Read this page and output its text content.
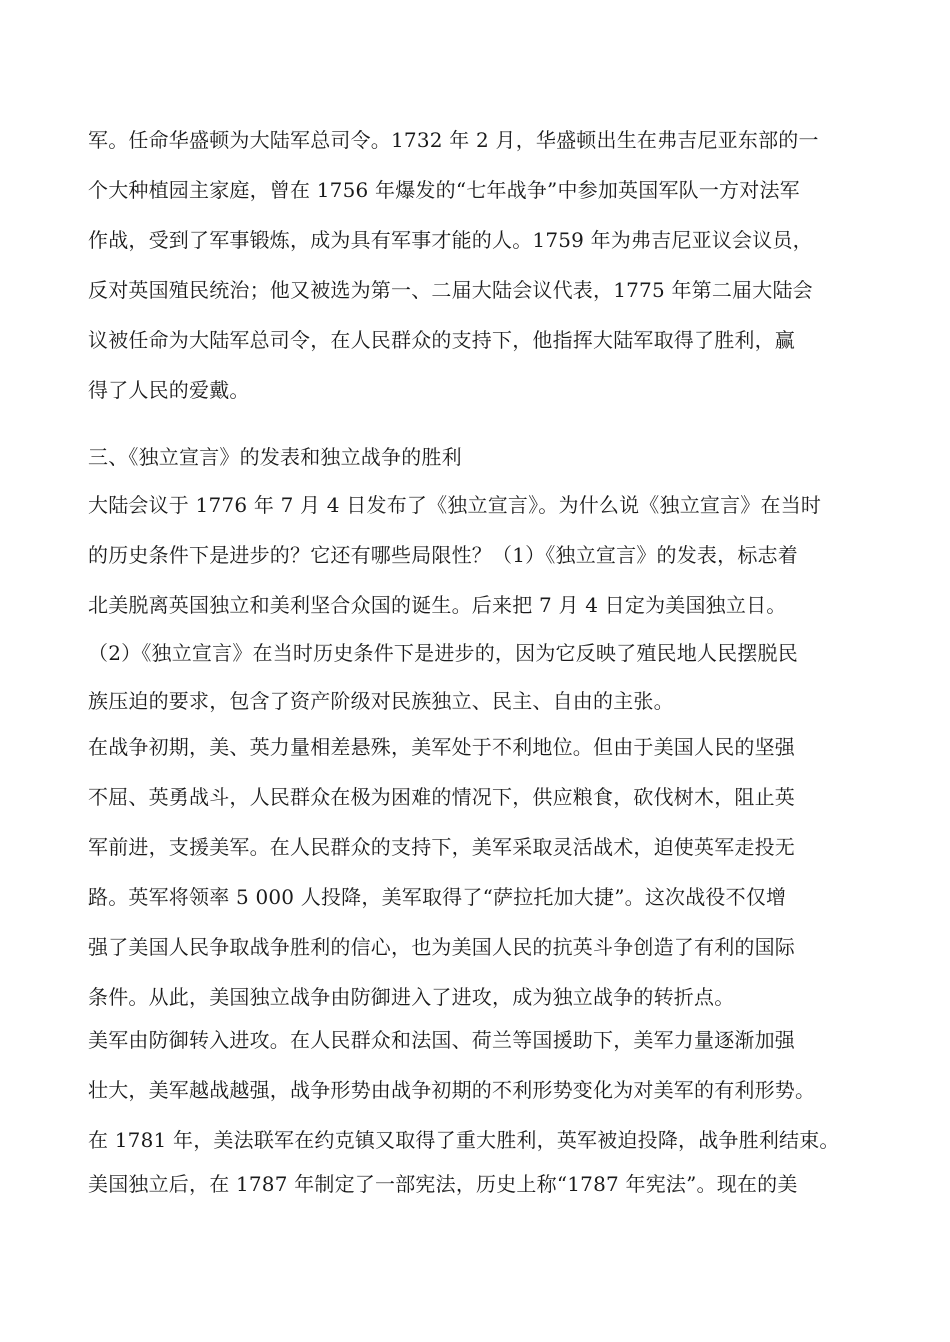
军。任命华盛顿为大陆军总司令。1732 年 2 月，华盛顿出生在弗吉尼亚东部的一
个大种植园主家庭，曾在 1756 年爆发的“七年战争”中参加英国军队一方对法军
作战，受到了军事锻炼，成为具有军事才能的人。1759 年为弗吉尼亚议会议员，
反对英国殖民统治；他又被选为第一、二届大陆会议代表，1775 年第二届大陆会
议被任命为大陆军总司令，在人民群众的支持下，他指挥大陆军取得了胜利，赢
得了人民的爱戴。
三、《独立宣言》的发表和独立战争的胜利
大陆会议于 1776 年 7 月 4 日发布了《独立宣言》。为什么说《独立宣言》在当时
的历史条件下是进步的？它还有哪些局限性？（1）《独立宣言》的发表，标志着
北美脱离英国独立和美利坚合众国的诞生。后来把 7 月 4 日定为美国独立日。
（2）《独立宣言》在当时历史条件下是进步的，因为它反映了殖民地人民摆脱民
族压迫的要求，包含了资产阶级对民族独立、民主、自由的主张。
在战争初期，美、英力量相差悬殊，美军处于不利地位。但由于美国人民的坚强
不屈、英勇战斗，人民群众在极为困难的情况下，供应粮食，砍伐树木，阻止英
军前进，支援美军。在人民群众的支持下，美军采取灵活战术，迫使英军走投无
路。英军将领率 5 000 人投降，美军取得了“萨拉托加大捷”。这次战役不仅增
强了美国人民争取战争胜利的信心，也为美国人民的抗英斗争创造了有利的国际
条件。从此，美国独立战争由防御进入了进攻，成为独立战争的转折点。
美军由防御转入进攻。在人民群众和法国、荷兰等国援助下，美军力量逐渐加强
壮大，美军越战越强，战争形势由战争初期的不利形势变化为对美军的有利形势。
在 1781 年，美法联军在约克镇又取得了重大胜利，英军被迫投降，战争胜利结束。
美国独立后，在 1787 年制定了一部宪法，历史上称“1787 年宪法”。现在的美
